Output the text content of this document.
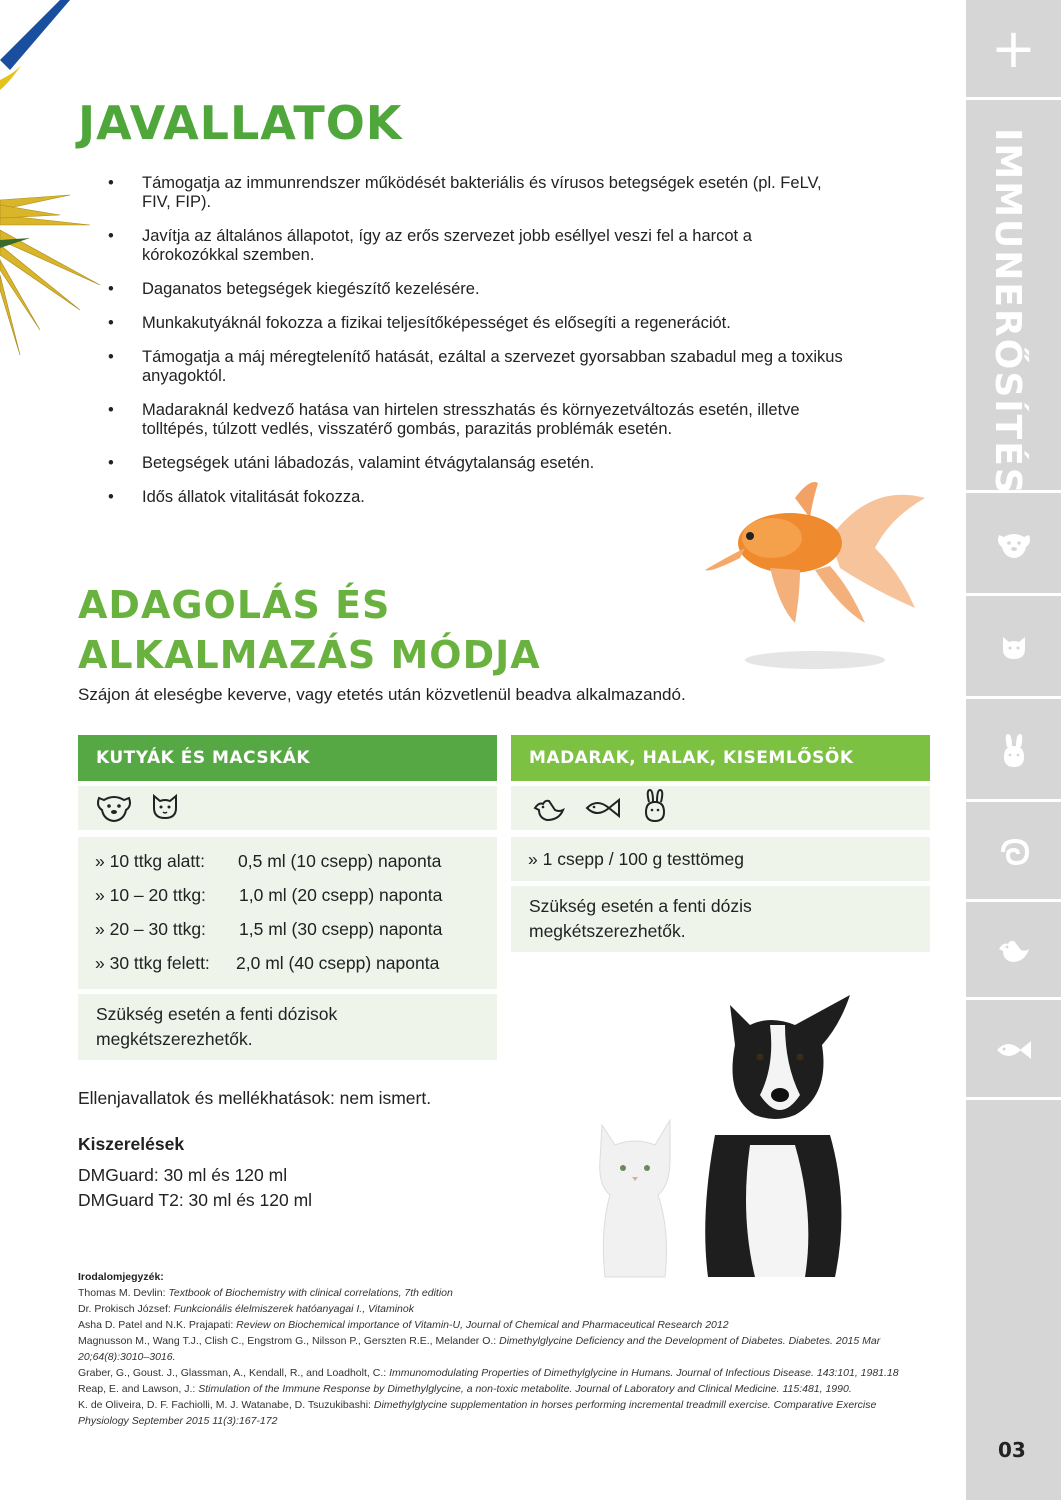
JAVALLATOK
• Támogatja az immunrendszer működését bakteriális és vírusos betegségek esetén (pl. FeLV, FIV, FIP).
• Javítja az általános állapotot, így az erős szervezet jobb eséllyel veszi fel a harcot a kórokozókkal szemben.
• Daganatos betegségek kiegészítő kezelésére.
• Munkakutyáknál fokozza a fizikai teljesítőképességet és elősegíti a regenerációt.
• Támogatja a máj méregtelenítő hatását, ezáltal a szervezet gyorsabban szabadul meg a toxikus anyagoktól.
• Madaraknál kedvező hatása van hirtelen stresszhatás és környezetváltozás esetén, illetve tolltépés, túlzott vedlés, visszatérő gombás, parazitás problémák esetén.
• Betegségek utáni lábadozás, valamint étvágytalanság esetén.
• Idős állatok vitalitását fokozza.
ADAGOLÁS ÉS
ALKALMAZÁS MÓDJA
Szájon át eleségbe keverve, vagy etetés után közvetlenül beadva alkalmazandó.
KUTYÁK ÉS MACSKÁK
» 10 ttkg alatt: 0,5 ml (10 csepp) naponta
» 10 – 20 ttkg: 1,0 ml (20 csepp) naponta
» 20 – 30 ttkg: 1,5 ml (30 csepp) naponta
» 30 ttkg felett: 2,0 ml (40 csepp) naponta
Szükség esetén a fenti dózisok
megkétszerezhetők.
MADARAK, HALAK, KISEMLŐSÖK
» 1 csepp / 100 g testtömeg
Szükség esetén a fenti dózis
megkétszerezhetők.
Ellenjavallatok és mellékhatások: nem ismert.
Kiszerelések
DMGuard: 30 ml és 120 ml
DMGuard T2: 30 ml és 120 ml
Irodalomjegyzék:
Thomas M. Devlin: Textbook of Biochemistry with clinical correlations, 7th edition
Dr. Prokisch József: Funkcionális élelmiszerek hatóanyagai I., Vitaminok
Asha D. Patel and N.K. Prajapati: Review on Biochemical importance of Vitamin-U, Journal of Chemical and Pharmaceutical Research 2012
Magnusson M., Wang T.J., Clish C., Engstrom G., Nilsson P., Gerszten R.E., Melander O.: Dimethylglycine Deficiency and the Development of Diabetes. Diabetes. 2015 Mar 20;64(8):3010–3016.
Graber, G., Goust. J., Glassman, A., Kendall, R., and Loadholt, C.: Immunomodulating Properties of Dimethylglycine in Humans. Journal of Infectious Disease. 143:101, 1981.18
Reap, E. and Lawson, J.: Stimulation of the Immune Response by Dimethylglycine, a non-toxic metabolite. Journal of Laboratory and Clinical Medicine. 115:481, 1990.
K. de Oliveira, D. F. Fachiolli, M. J. Watanabe, D. Tsuzukibashi: Dimethylglycine supplementation in horses performing incremental treadmill exercise. Comparative Exercise Physiology September 2015 11(3):167-172
+
IMMUNERŐSÍTÉS
03
